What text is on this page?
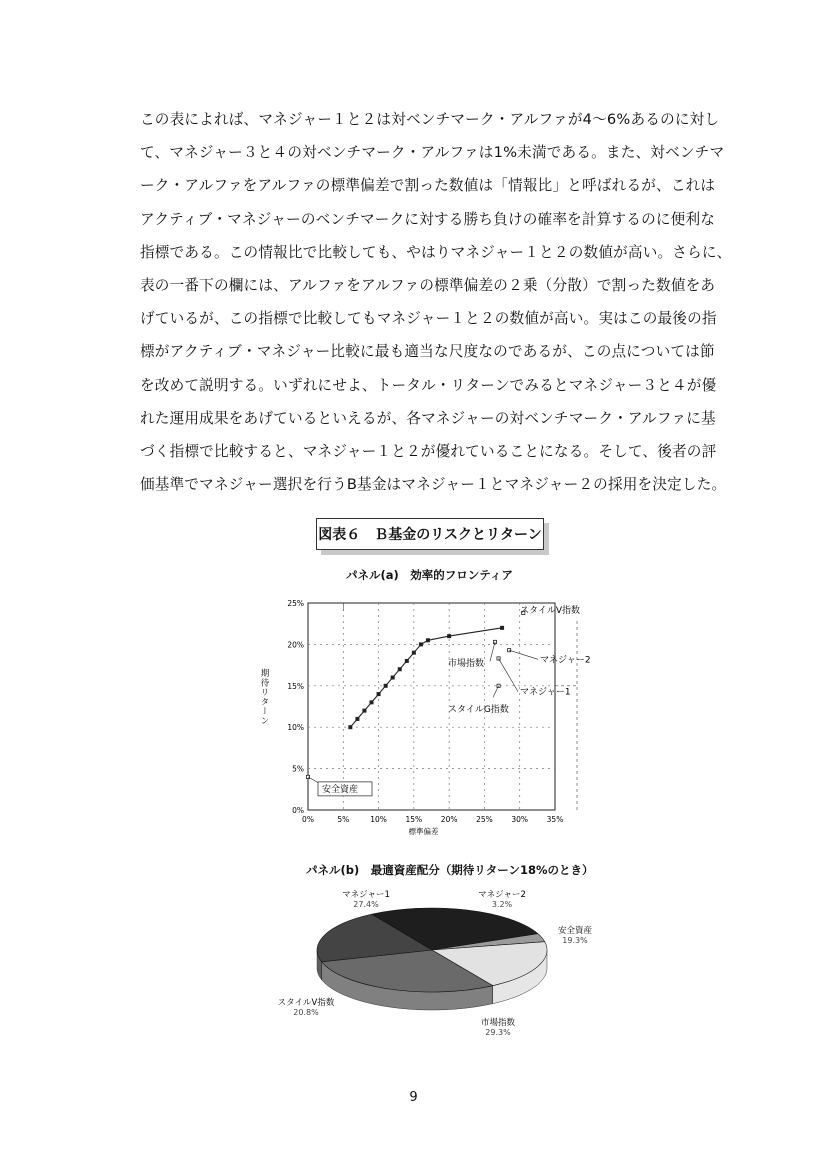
この表によれば、マネジャー１と２は対ベンチマーク・アルファが4～6%あるのに対し
て、マネジャー３と４の対ベンチマーク・アルファは1%未満である。また、対ベンチマ
ーク・アルファをアルファの標準偏差で割った数値は「情報比」と呼ばれるが、これは
アクティブ・マネジャーのベンチマークに対する勝ち負けの確率を計算するのに便利な
指標である。この情報比で比較しても、やはりマネジャー１と２の数値が高い。さらに、
表の一番下の欄には、アルファをアルファの標準偏差の２乗（分散）で割った数値をあ
げているが、この指標で比較してもマネジャー１と２の数値が高い。実はこの最後の指
標がアクティブ・マネジャー比較に最も適当な尺度なのであるが、この点については節
を改めて説明する。いずれにせよ、トータル・リターンでみるとマネジャー３と４が優
れた運用成果をあげているといえるが、各マネジャーの対ベンチマーク・アルファに基
づく指標で比較すると、マネジャー１と２が優れていることになる。そして、後者の評
価基準でマネジャー選択を行うB基金はマネジャー１とマネジャー２の採用を決定した。
図表６　Ｂ基金のリスクとリターン
パネル(a)　効率的フロンティア
0%	5%	10% 15% 20% 25% 30% 35%
0%
5%
10%
15%
20%
25%
標準偏差
期待リターン
安全資産
スタイルV指数
市場指数	マネジャー2
マネジャー1
スタイルG指数
パネル(b)　最適資産配分（期待リターン18%のとき）
マネジャー1
27.4%
マネジャー2
3.2%
安全資産
19.3%
市場指数
29.3%
スタイルV指数
20.8%
9
